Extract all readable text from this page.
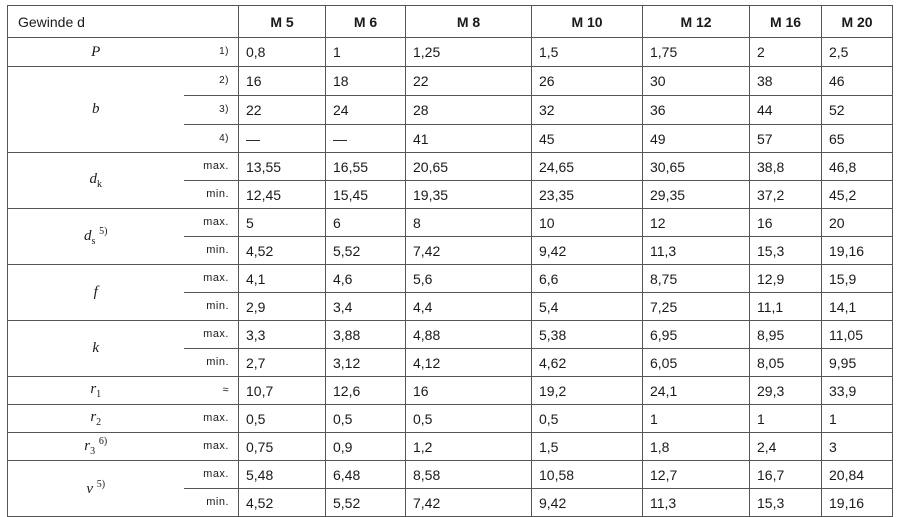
Gewinde d		M 5	M 6	M 8	M 10	M 12	M 16	M 20
P	1)	0,8	1	1,25	1,5	1,75	2	2,5
b	2)	16	18	22	26	30	38	46
	3)	22	24	28	32	36	44	52
	4)	—	—	41	45	49	57	65
$d_k$	max.	13,55	16,55	20,65	24,65	30,65	38,8	46,8
	min.	12,45	15,45	19,35	23,35	29,35	37,2	45,2
$d_s$ $^{5)}$	max.	5	6	8	10	12	16	20
	min.	4,52	5,52	7,42	9,42	11,3	15,3	19,16
f	max.	4,1	4,6	5,6	6,6	8,75	12,9	15,9
	min.	2,9	3,4	4,4	5,4	7,25	11,1	14,1
k	max.	3,3	3,88	4,88	5,38	6,95	8,95	11,05
	min.	2,7	3,12	4,12	4,62	6,05	8,05	9,95
$r_1$	≈	10,7	12,6	16	19,2	24,1	29,3	33,9
$r_2$	max.	0,5	0,5	0,5	0,5	1	1	1
$r_3$ $^{6)}$	max.	0,75	0,9	1,2	1,5	1,8	2,4	3
v $^{5)}$	max.	5,48	6,48	8,58	10,58	12,7	16,7	20,84
	min.	4,52	5,52	7,42	9,42	11,3	15,3	19,16
